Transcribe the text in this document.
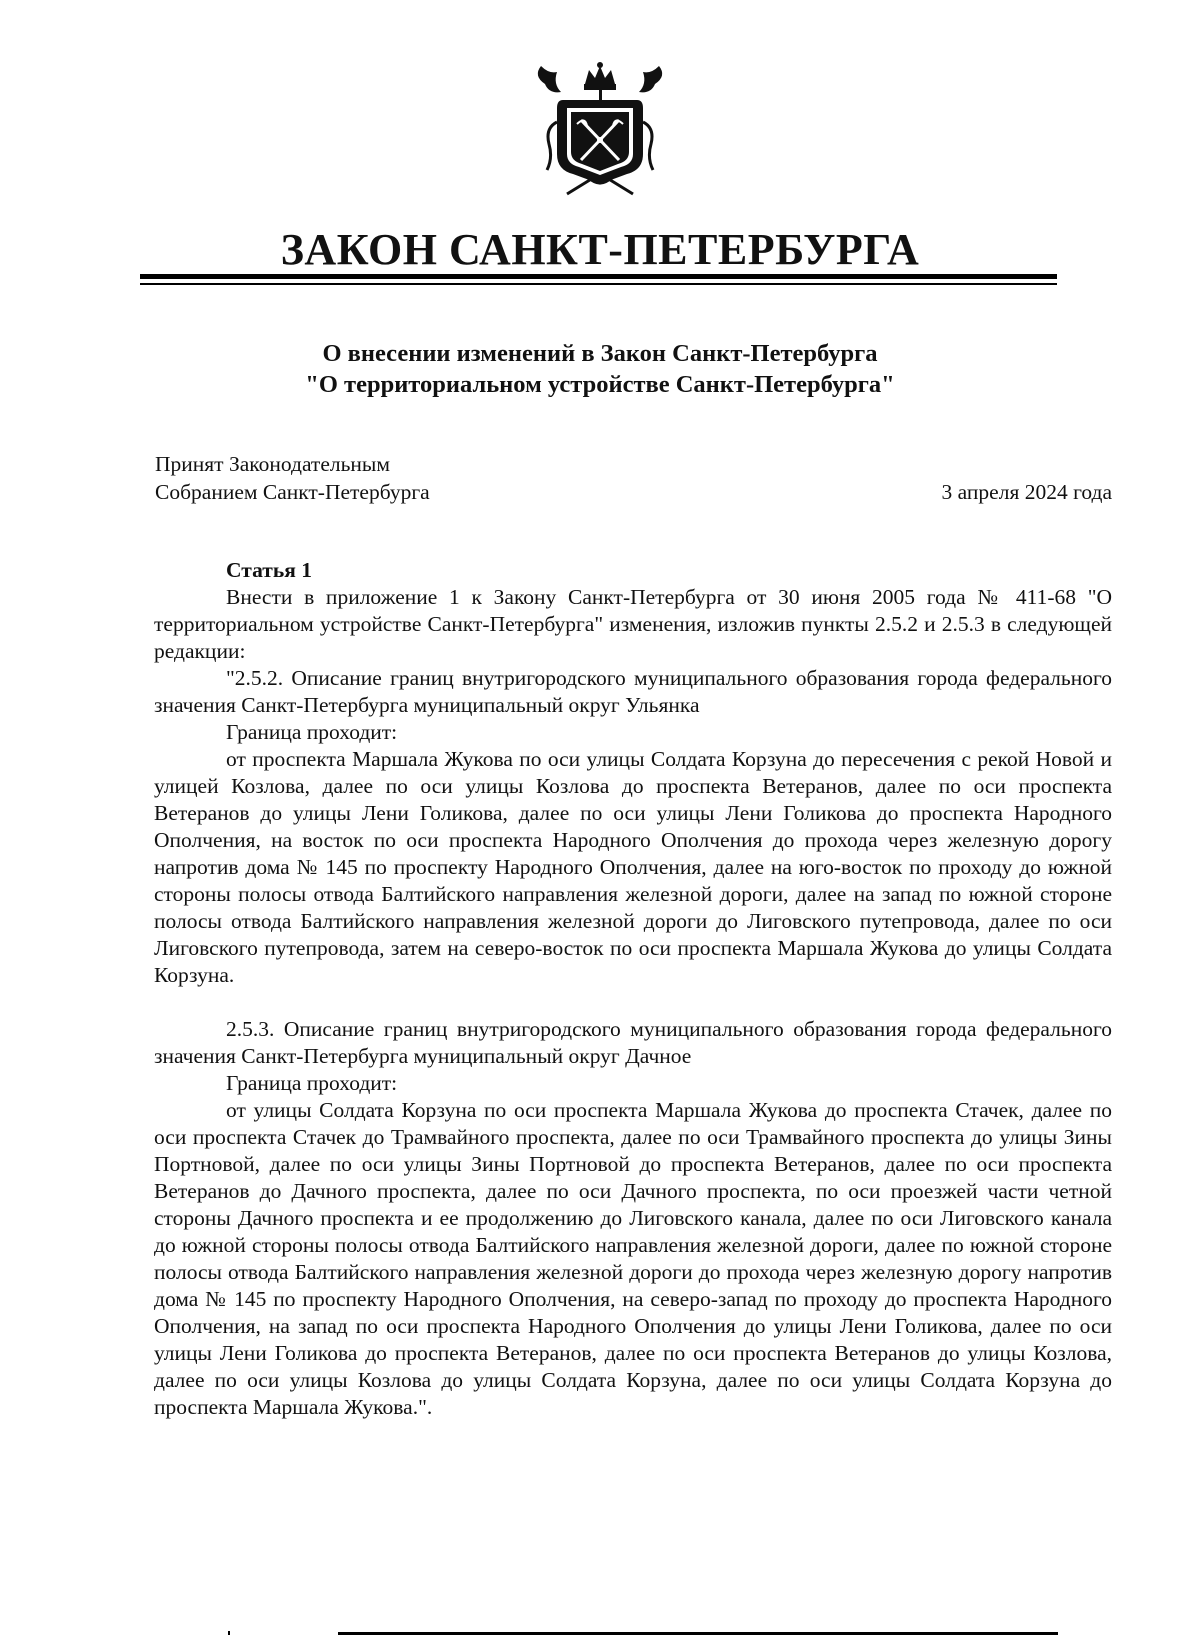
ЗАКОН САНКТ-ПЕТЕРБУРГА
О внесении изменений в Закон Санкт-Петербурга
"О территориальном устройстве Санкт-Петербурга"
Принят Законодательным
Собранием Санкт-Петербурга	3 апреля 2024 года

Статья 1

Внести в приложение 1 к Закону Санкт-Петербурга от 30 июня 2005 года № 411-68 "О территориальном устройстве Санкт-Петербурга" изменения, изложив пункты 2.5.2 и 2.5.3 в следующей редакции:

"2.5.2. Описание границ внутригородского муниципального образования города федерального значения Санкт-Петербурга муниципальный округ Ульянка

Граница проходит:

от проспекта Маршала Жукова по оси улицы Солдата Корзуна до пересечения с рекой Новой и улицей Козлова, далее по оси улицы Козлова до проспекта Ветеранов, далее по оси проспекта Ветеранов до улицы Лени Голикова, далее по оси улицы Лени Голикова до проспекта Народного Ополчения, на восток по оси проспекта Народного Ополчения до прохода через железную дорогу напротив дома № 145 по проспекту Народного Ополчения, далее на юго-восток по проходу до южной стороны полосы отвода Балтийского направления железной дороги, далее на запад по южной стороне полосы отвода Балтийского направления железной дороги до Лиговского путепровода, далее по оси Лиговского путепровода, затем на северо-восток по оси проспекта Маршала Жукова до улицы Солдата Корзуна.

2.5.3. Описание границ внутригородского муниципального образования города федерального значения Санкт-Петербурга муниципальный округ Дачное

Граница проходит:

от улицы Солдата Корзуна по оси проспекта Маршала Жукова до проспекта Стачек, далее по оси проспекта Стачек до Трамвайного проспекта, далее по оси Трамвайного проспекта до улицы Зины Портновой, далее по оси улицы Зины Портновой до проспекта Ветеранов, далее по оси проспекта Ветеранов до Дачного проспекта, далее по оси Дачного проспекта, по оси проезжей части четной стороны Дачного проспекта и ее продолжению до Лиговского канала, далее по оси Лиговского канала до южной стороны полосы отвода Балтийского направления железной дороги, далее по южной стороне полосы отвода Балтийского направления железной дороги до прохода через железную дорогу напротив дома № 145 по проспекту Народного Ополчения, на северо-запад по проходу до проспекта Народного Ополчения, на запад по оси проспекта Народного Ополчения до улицы Лени Голикова, далее по оси улицы Лени Голикова до проспекта Ветеранов, далее по оси проспекта Ветеранов до улицы Козлова, далее по оси улицы Козлова до улицы Солдата Корзуна, далее по оси улицы Солдата Корзуна до проспекта Маршала Жукова.".
